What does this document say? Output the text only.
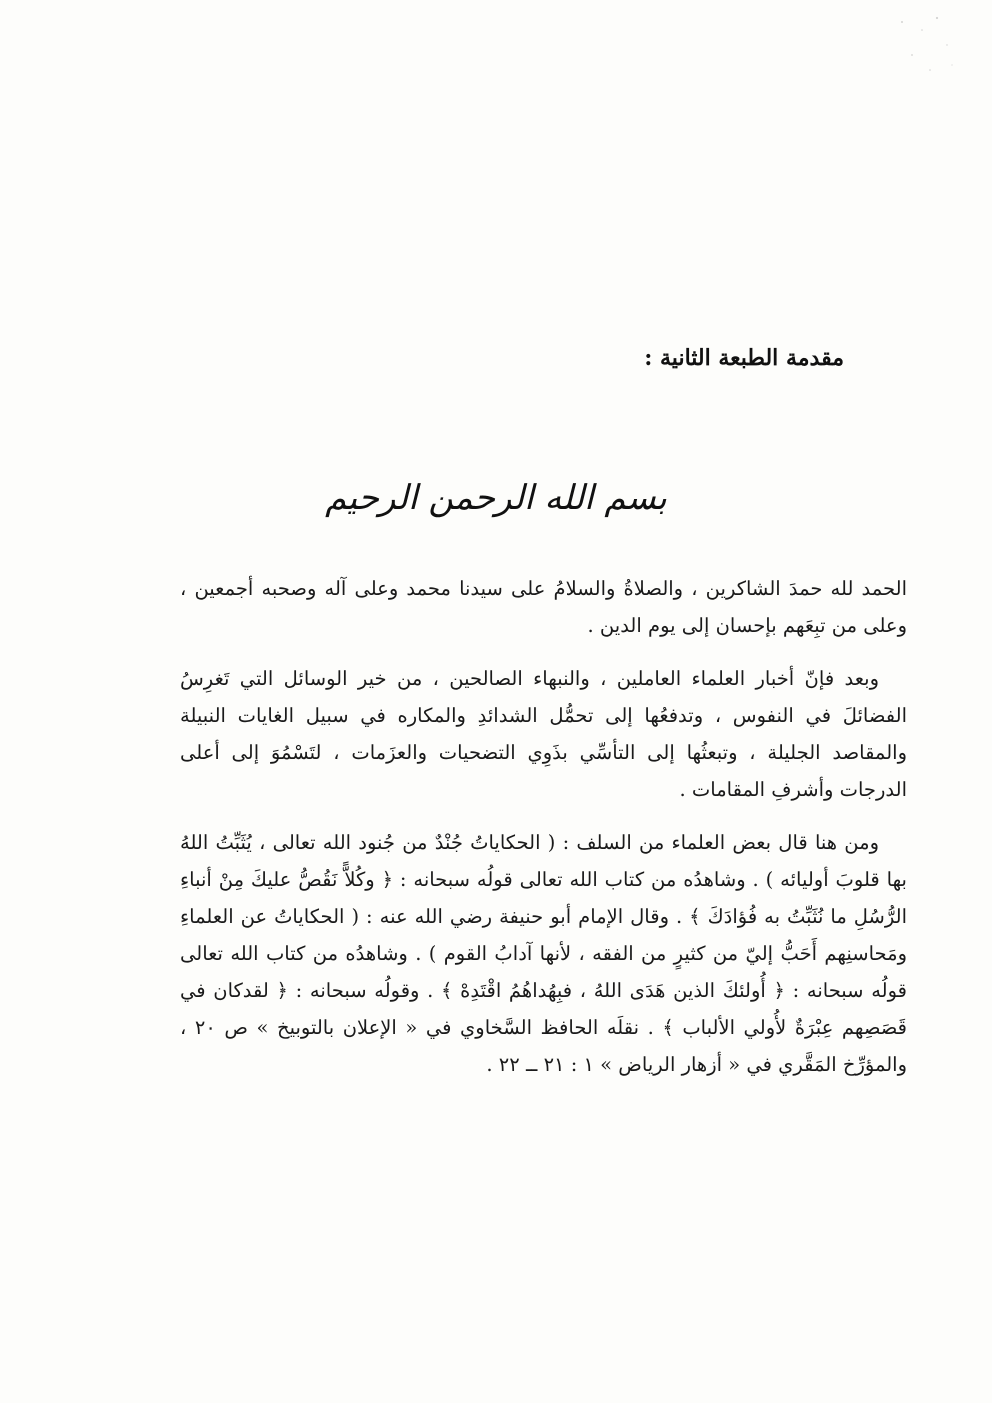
مقدمة الطبعة الثانية :
بسم الله الرحمن الرحيم

الحمد لله حمدَ الشاكرين ، والصلاةُ والسلامُ على سيدنا محمد وعلى آله وصحبه أجمعين ، وعلى من تبِعَهم بإحسان إلى يوم الدين .

وبعد فإنّ أخبار العلماء العاملين ، والنبهاء الصالحين ، من خير الوسائل التي تَغرِسُ الفضائلَ في النفوس ، وتدفعُها إلى تحمُّل الشدائدِ والمكاره في سبيل الغايات النبيلة والمقاصد الجليلة ، وتبعثُها إلى التأسِّي بذَوِي التضحيات والعزَمات ، لتَسْمُوَ إلى أعلى الدرجات وأشرفِ المقامات .

ومن هنا قال بعض العلماء من السلف : ( الحكاياتُ جُنْدٌ من جُنود الله تعالى ، يُثَبِّتُ اللهُ بها قلوبَ أوليائه ) . وشاهدُه من كتاب الله تعالى قولُه سبحانه : ﴿ وكُلاًّ نَقُصُّ عليكَ مِنْ أنباءِ الرُّسُلِ ما نُثَبِّتُ به فُؤادَكَ ﴾ . وقال الإمام أبو حنيفة رضي الله عنه : ( الحكاياتُ عن العلماءِ ومَحاسنِهم أَحَبُّ إليّ من كثيرٍ من الفقه ، لأنها آدابُ القوم ) . وشاهدُه من كتاب الله تعالى قولُه سبحانه : ﴿ أُولئكَ الذين هَدَى اللهُ ، فبِهُداهُمُ اقْتَدِهْ ﴾ . وقولُه سبحانه : ﴿ لقدكان في قَصَصِهم عِبْرَةٌ لأُولي الألباب ﴾ . نقلَه الحافظ السَّخاوي في « الإعلان بالتوبيخ » ص ٢٠ ، والمؤرِّخ المَقَّري في « أزهار الرياض » ١ : ٢١ ــ ٢٢ .
